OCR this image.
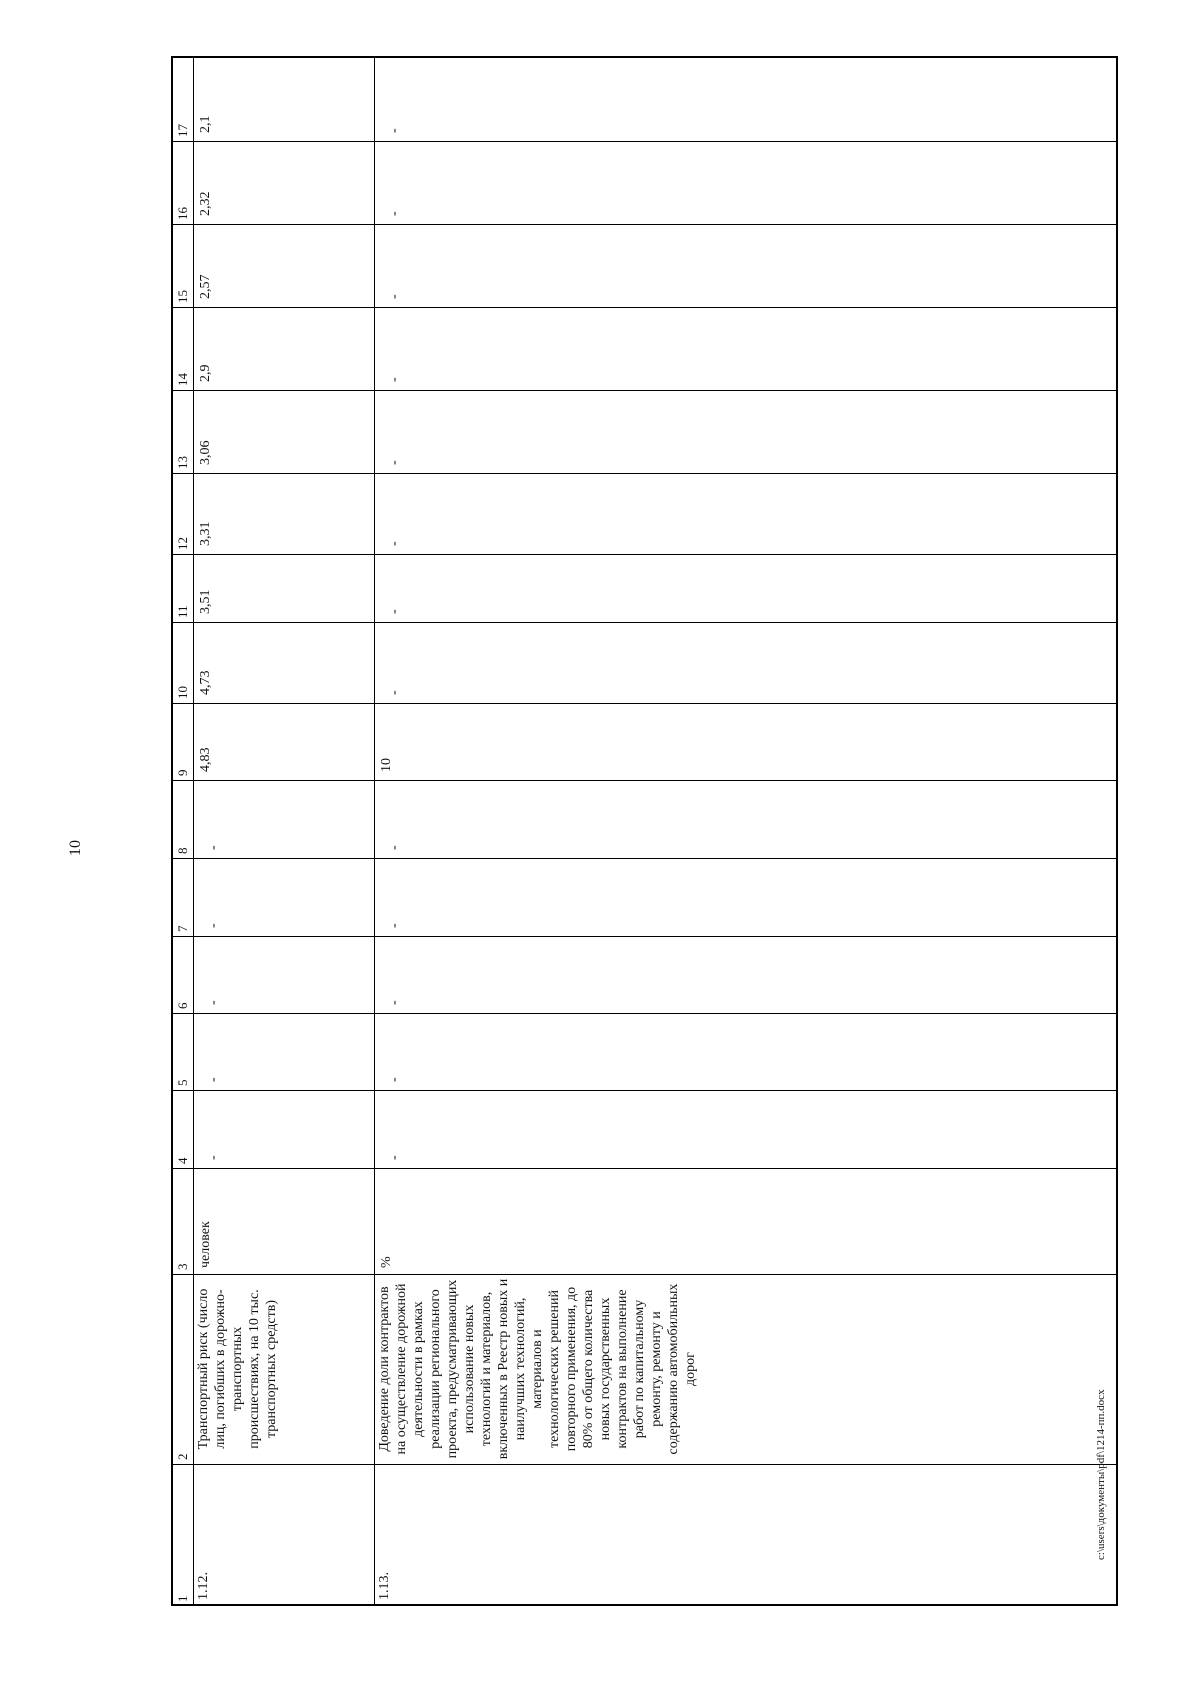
10
1
2
3
4
5
6
7
8
9
10
11
12
13
14
15
16
17
1.12.
Транспортный риск (число лиц, погибших в дорожно-транспортных происшествиях, на 10 тыс. транспортных средств)
человек
-
-
-
-
-
4,83
4,73
3,51
3,31
3,06
2,9
2,57
2,32
2,1
1.13.
Доведение доли контрактов на осуществление дорожной деятельности в рамках реализации регионального проекта, предусматривающих использование новых технологий и материалов, включенных в Реестр новых и наилучших технологий, материалов и технологических решений повторного применения, до 80% от общего количества новых государственных контрактов на выполнение работ по капитальному ремонту, ремонту и содержанию автомобильных дорог
%
-
-
-
-
-
10
-
-
-
-
-
-
-
-
c:\users\документы\pdf\1214-пп.docx
